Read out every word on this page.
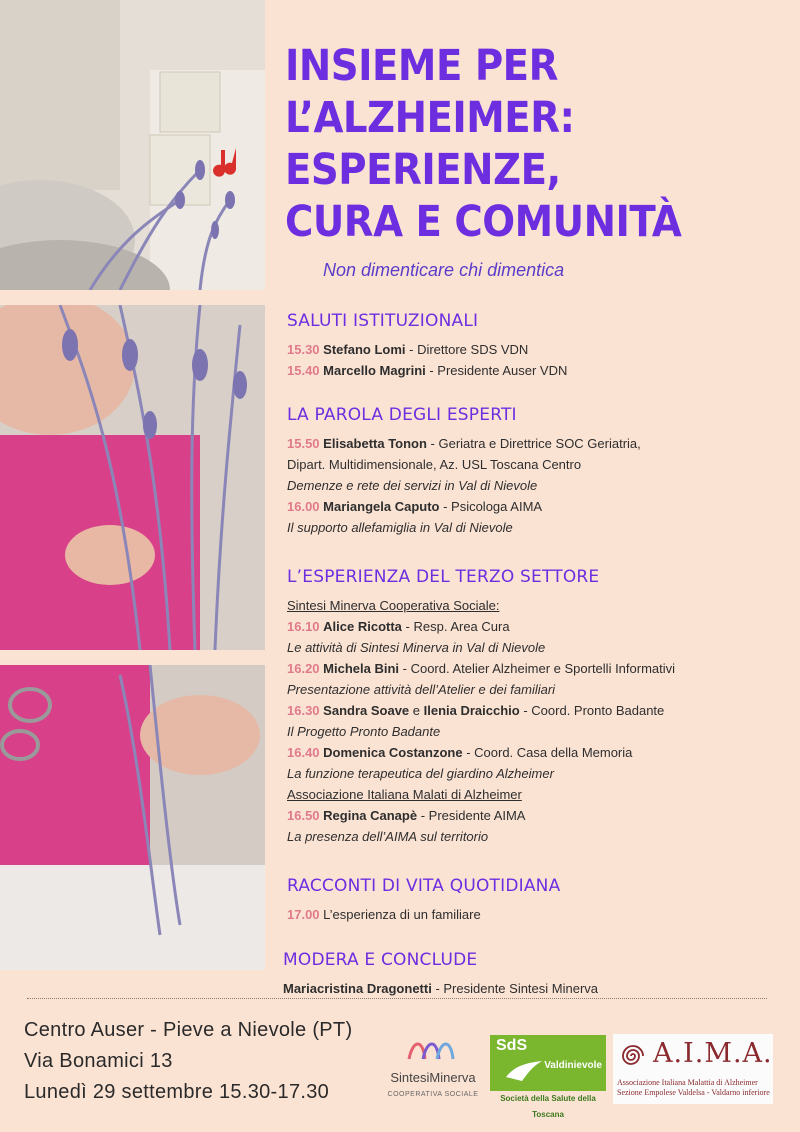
INSIEME PER
L’ALZHEIMER:
ESPERIENZE,
CURA E COMUNITÀ
Non dimenticare chi dimentica
SALUTI ISTITUZIONALI
15.30 Stefano Lomi - Direttore SDS VDN
15.40 Marcello Magrini - Presidente Auser VDN
LA PAROLA DEGLI ESPERTI
15.50 Elisabetta Tonon - Geriatra e Direttrice SOC Geriatria,
Dipart. Multidimensionale, Az. USL Toscana Centro
Demenze e rete dei servizi in Val di Nievole
16.00 Mariangela Caputo - Psicologa AIMA
Il supporto allefamiglia in Val di Nievole
L’ESPERIENZA DEL TERZO SETTORE
Sintesi Minerva Cooperativa Sociale:
16.10 Alice Ricotta - Resp. Area Cura
Le attività di Sintesi Minerva in Val di Nievole
16.20 Michela Bini - Coord. Atelier Alzheimer e Sportelli Informativi
Presentazione attività dell’Atelier e dei familiari
16.30 Sandra Soave e Ilenia Draicchio - Coord. Pronto Badante
Il Progetto Pronto Badante
16.40 Domenica Costanzone - Coord. Casa della Memoria
La funzione terapeutica del giardino Alzheimer
Associazione Italiana Malati di Alzheimer
16.50 Regina Canapè - Presidente AIMA
La presenza dell’AIMA sul territorio
RACCONTI DI VITA QUOTIDIANA
17.00 L’esperienza di un familiare
MODERA E CONCLUDE
Mariacristina Dragonetti - Presidente Sintesi Minerva
Centro Auser - Pieve a Nievole (PT)
Via Bonamici 13
Lunedì 29 settembre 15.30-17.30
SintesiMinerva
COOPERATIVA SOCIALE
SdS
Valdinievole
Società della Salute della Toscana
A.I.M.A.
Associazione Italiana Malattia di Alzheimer
Sezione Empolese Valdelsa - Valdarno inferiore
